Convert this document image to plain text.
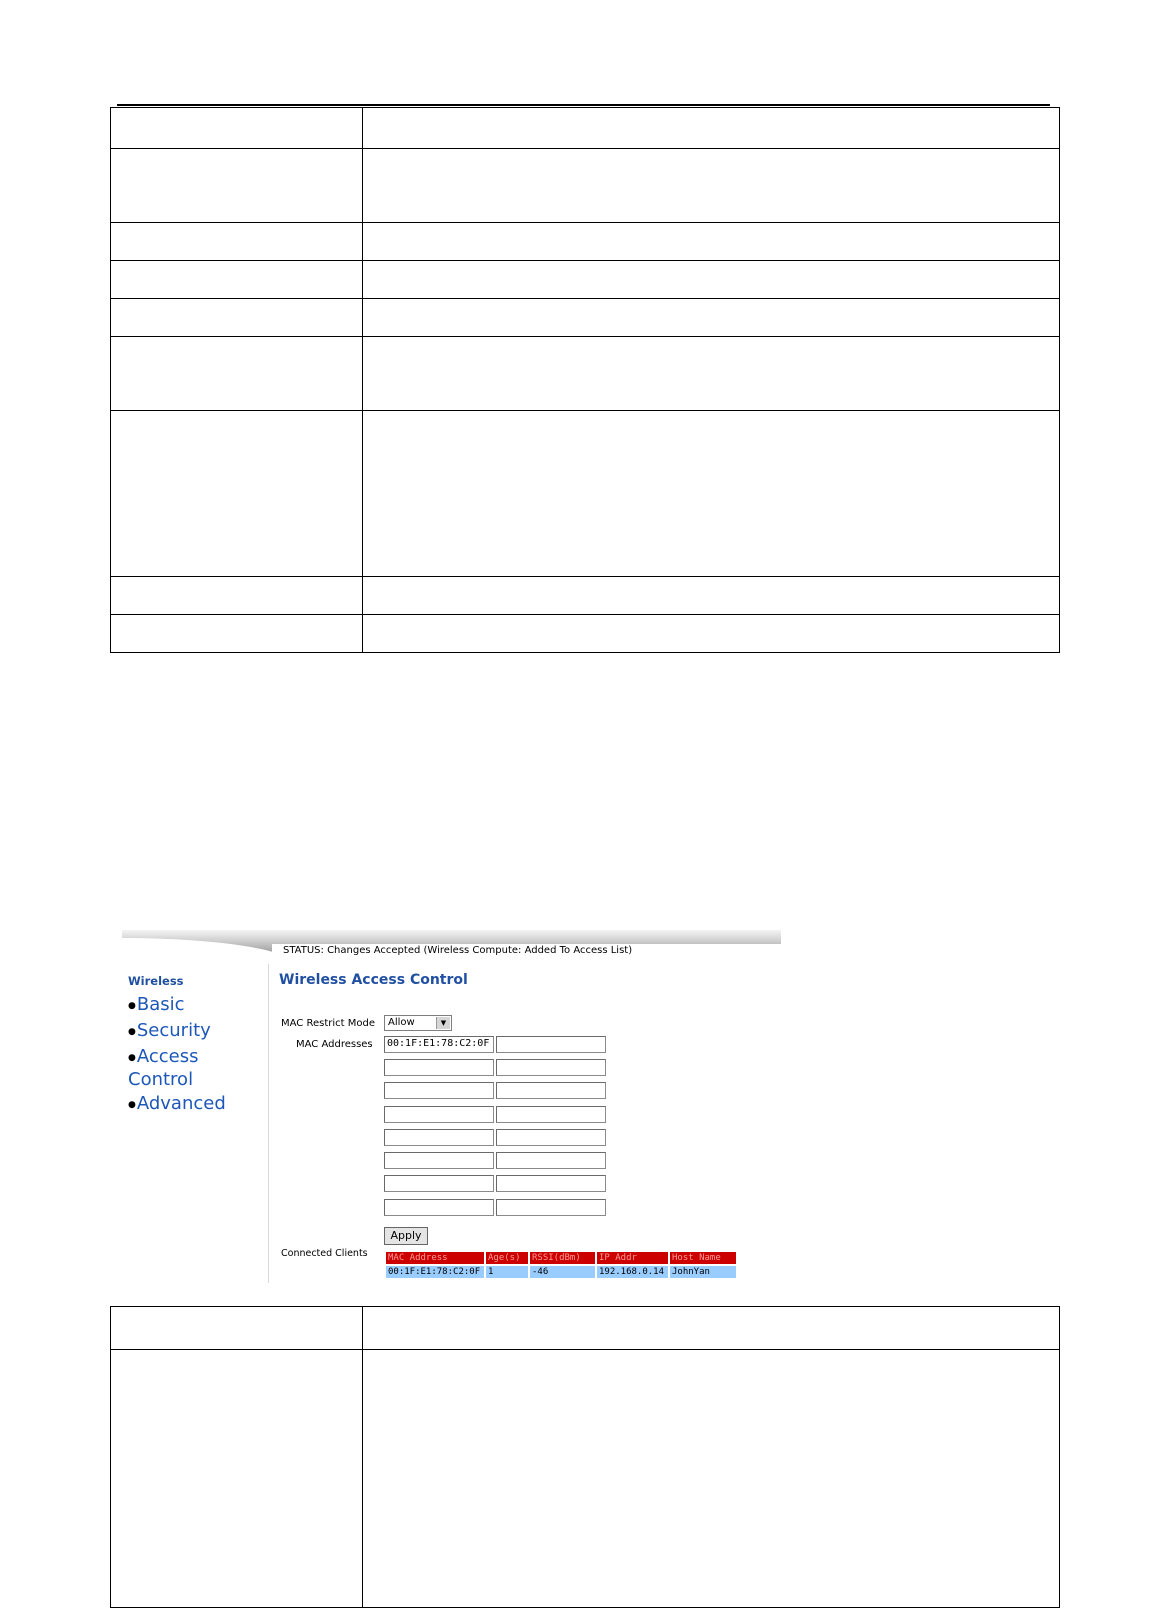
STATUS: Changes Accepted (Wireless Compute: Added To Access List)
Wireless
●Basic
●Security
●Access
Control
●Advanced
Wireless Access Control
MAC Restrict Mode Allow	▼
MAC Addresses	00:1F:E1:78:C2:0F
Apply
Connected Clients MAC Address	Age(s)	RSSI(dBm)	IP Addr	Host Name
00:1F:E1:78:C2:0F	1	-46	192.168.0.14	JohnYan
